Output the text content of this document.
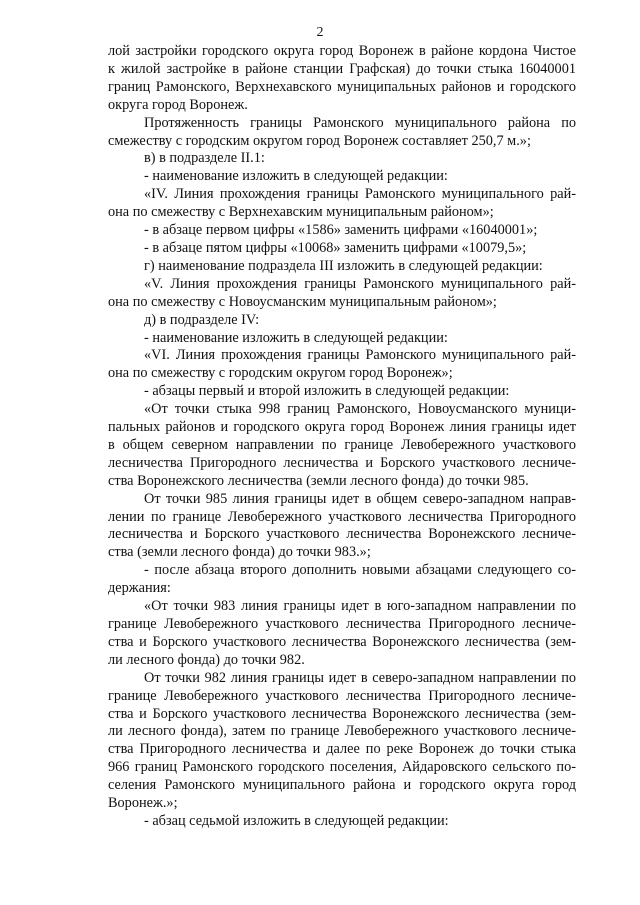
2
лой застройки городского округа город Воронеж в районе кордона Чистое
к жилой застройке в районе станции Графская) до точки стыка 16040001
границ Рамонского, Верхнехавского муниципальных районов и городского
округа город Воронеж.
Протяженность границы Рамонского муниципального района по
смежеству с городским округом город Воронеж составляет 250,7 м.»;
в) в подразделе II.1:
- наименование изложить в следующей редакции:
«IV. Линия прохождения границы Рамонского муниципального рай-
она по смежеству с Верхнехавским муниципальным районом»;
- в абзаце первом цифры «1586» заменить цифрами «16040001»;
- в абзаце пятом цифры «10068» заменить цифрами «10079,5»;
г) наименование подраздела III изложить в следующей редакции:
«V. Линия прохождения границы Рамонского муниципального рай-
она по смежеству с Новоусманским муниципальным районом»;
д) в подразделе IV:
- наименование изложить в следующей редакции:
«VI. Линия прохождения границы Рамонского муниципального рай-
она по смежеству с городским округом город Воронеж»;
- абзацы первый и второй изложить в следующей редакции:
«От точки стыка 998 границ Рамонского, Новоусманского муници-
пальных районов и городского округа город Воронеж линия границы идет
в общем северном направлении по границе Левобережного участкового
лесничества Пригородного лесничества и Борского участкового лесниче-
ства Воронежского лесничества (земли лесного фонда) до точки 985.
От точки 985 линия границы идет в общем северо-западном направ-
лении по границе Левобережного участкового лесничества Пригородного
лесничества и Борского участкового лесничества Воронежского лесниче-
ства (земли лесного фонда) до точки 983.»;
- после абзаца второго дополнить новыми абзацами следующего со-
держания:
«От точки 983 линия границы идет в юго-западном направлении по
границе Левобережного участкового лесничества Пригородного лесниче-
ства и Борского участкового лесничества Воронежского лесничества (зем-
ли лесного фонда) до точки 982.
От точки 982 линия границы идет в северо-западном направлении по
границе Левобережного участкового лесничества Пригородного лесниче-
ства и Борского участкового лесничества Воронежского лесничества (зем-
ли лесного фонда), затем по границе Левобережного участкового лесниче-
ства Пригородного лесничества и далее по реке Воронеж до точки стыка
966 границ Рамонского городского поселения, Айдаровского сельского по-
селения Рамонского муниципального района и городского округа город
Воронеж.»;
- абзац седьмой изложить в следующей редакции:
